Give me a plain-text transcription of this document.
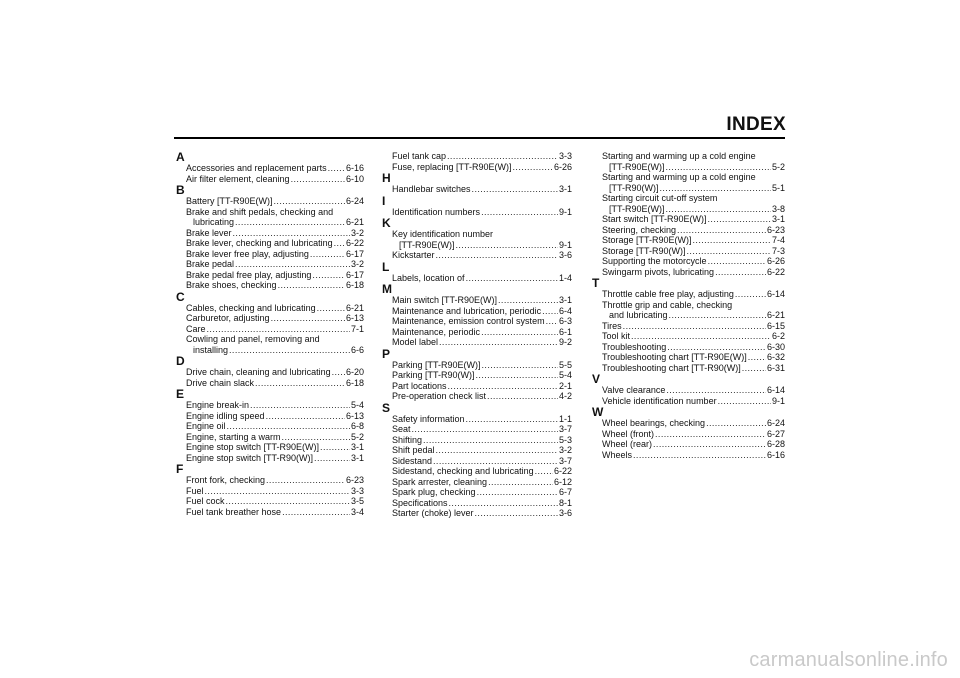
INDEX
A
Accessories and replacement parts ..... 6-16
Air filter element, cleaning .....	6-10
B
Battery [TT-R90E(W)] .....	6-24
Brake and shift pedals, checking and
lubricating .....	6-21
Brake lever .....	3-2
Brake lever, checking and lubricating ..... 6-22
Brake lever free play, adjusting .....	6-17
Brake pedal .....	3-2
Brake pedal free play, adjusting .....	6-17
Brake shoes, checking .....	6-18
C
Cables, checking and lubricating .....	6-21
Carburetor, adjusting .....	6-13
Care .....	7-1
Cowling and panel, removing and
installing .....	6-6
D
Drive chain, cleaning and lubricating ..... 6-20
Drive chain slack .....	6-18
E
Engine break-in .....	5-4
Engine idling speed .....	6-13
Engine oil .....	6-8
Engine, starting a warm .....	5-2
Engine stop switch [TT-R90E(W)] .....	3-1
Engine stop switch [TT-R90(W)] .....	3-1
F
Front fork, checking .....	6-23
Fuel .....	3-3
Fuel cock .....	3-5
Fuel tank breather hose .....	3-4
Fuel tank cap .....	3-3
Fuse, replacing [TT-R90E(W)] .....	6-26
H
Handlebar switches .....	3-1
I
Identification numbers .....	9-1
K
Key identification number
[TT-R90E(W)] .....	9-1
Kickstarter .....	3-6
L
Labels, location of .....	1-4
M
Main switch [TT-R90E(W)] .....	3-1
Maintenance and lubrication, periodic ..... 6-4
Maintenance, emission control system ..... 6-3
Maintenance, periodic .....	6-1
Model label .....	9-2
P
Parking [TT-R90E(W)] .....	5-5
Parking [TT-R90(W)] .....	5-4
Part locations .....	2-1
Pre-operation check list .....	4-2
S
Safety information .....	1-1
Seat .....	3-7
Shifting .....	5-3
Shift pedal .....	3-2
Sidestand .....	3-7
Sidestand, checking and lubricating ..... 6-22
Spark arrester, cleaning .....	6-12
Spark plug, checking .....	6-7
Specifications .....	8-1
Starter (choke) lever .....	3-6
Starting and warming up a cold engine
[TT-R90E(W)] .....	5-2
Starting and warming up a cold engine
[TT-R90(W)] .....	5-1
Starting circuit cut-off system
[TT-R90E(W)] .....	3-8
Start switch [TT-R90E(W)] .....	3-1
Steering, checking .....	6-23
Storage [TT-R90E(W)] .....	7-4
Storage [TT-R90(W)] .....	7-3
Supporting the motorcycle .....	6-26
Swingarm pivots, lubricating .....	6-22
T
Throttle cable free play, adjusting .....	6-14
Throttle grip and cable, checking
and lubricating .....	6-21
Tires .....	6-15
Tool kit .....	6-2
Troubleshooting .....	6-30
Troubleshooting chart [TT-R90E(W)] ..... 6-32
Troubleshooting chart [TT-R90(W)] .....	6-31
V
Valve clearance .....	6-14
Vehicle identification number .....	9-1
W
Wheel bearings, checking .....	6-24
Wheel (front) .....	6-27
Wheel (rear) .....	6-28
Wheels .....	6-16
carmanualsonline.info
